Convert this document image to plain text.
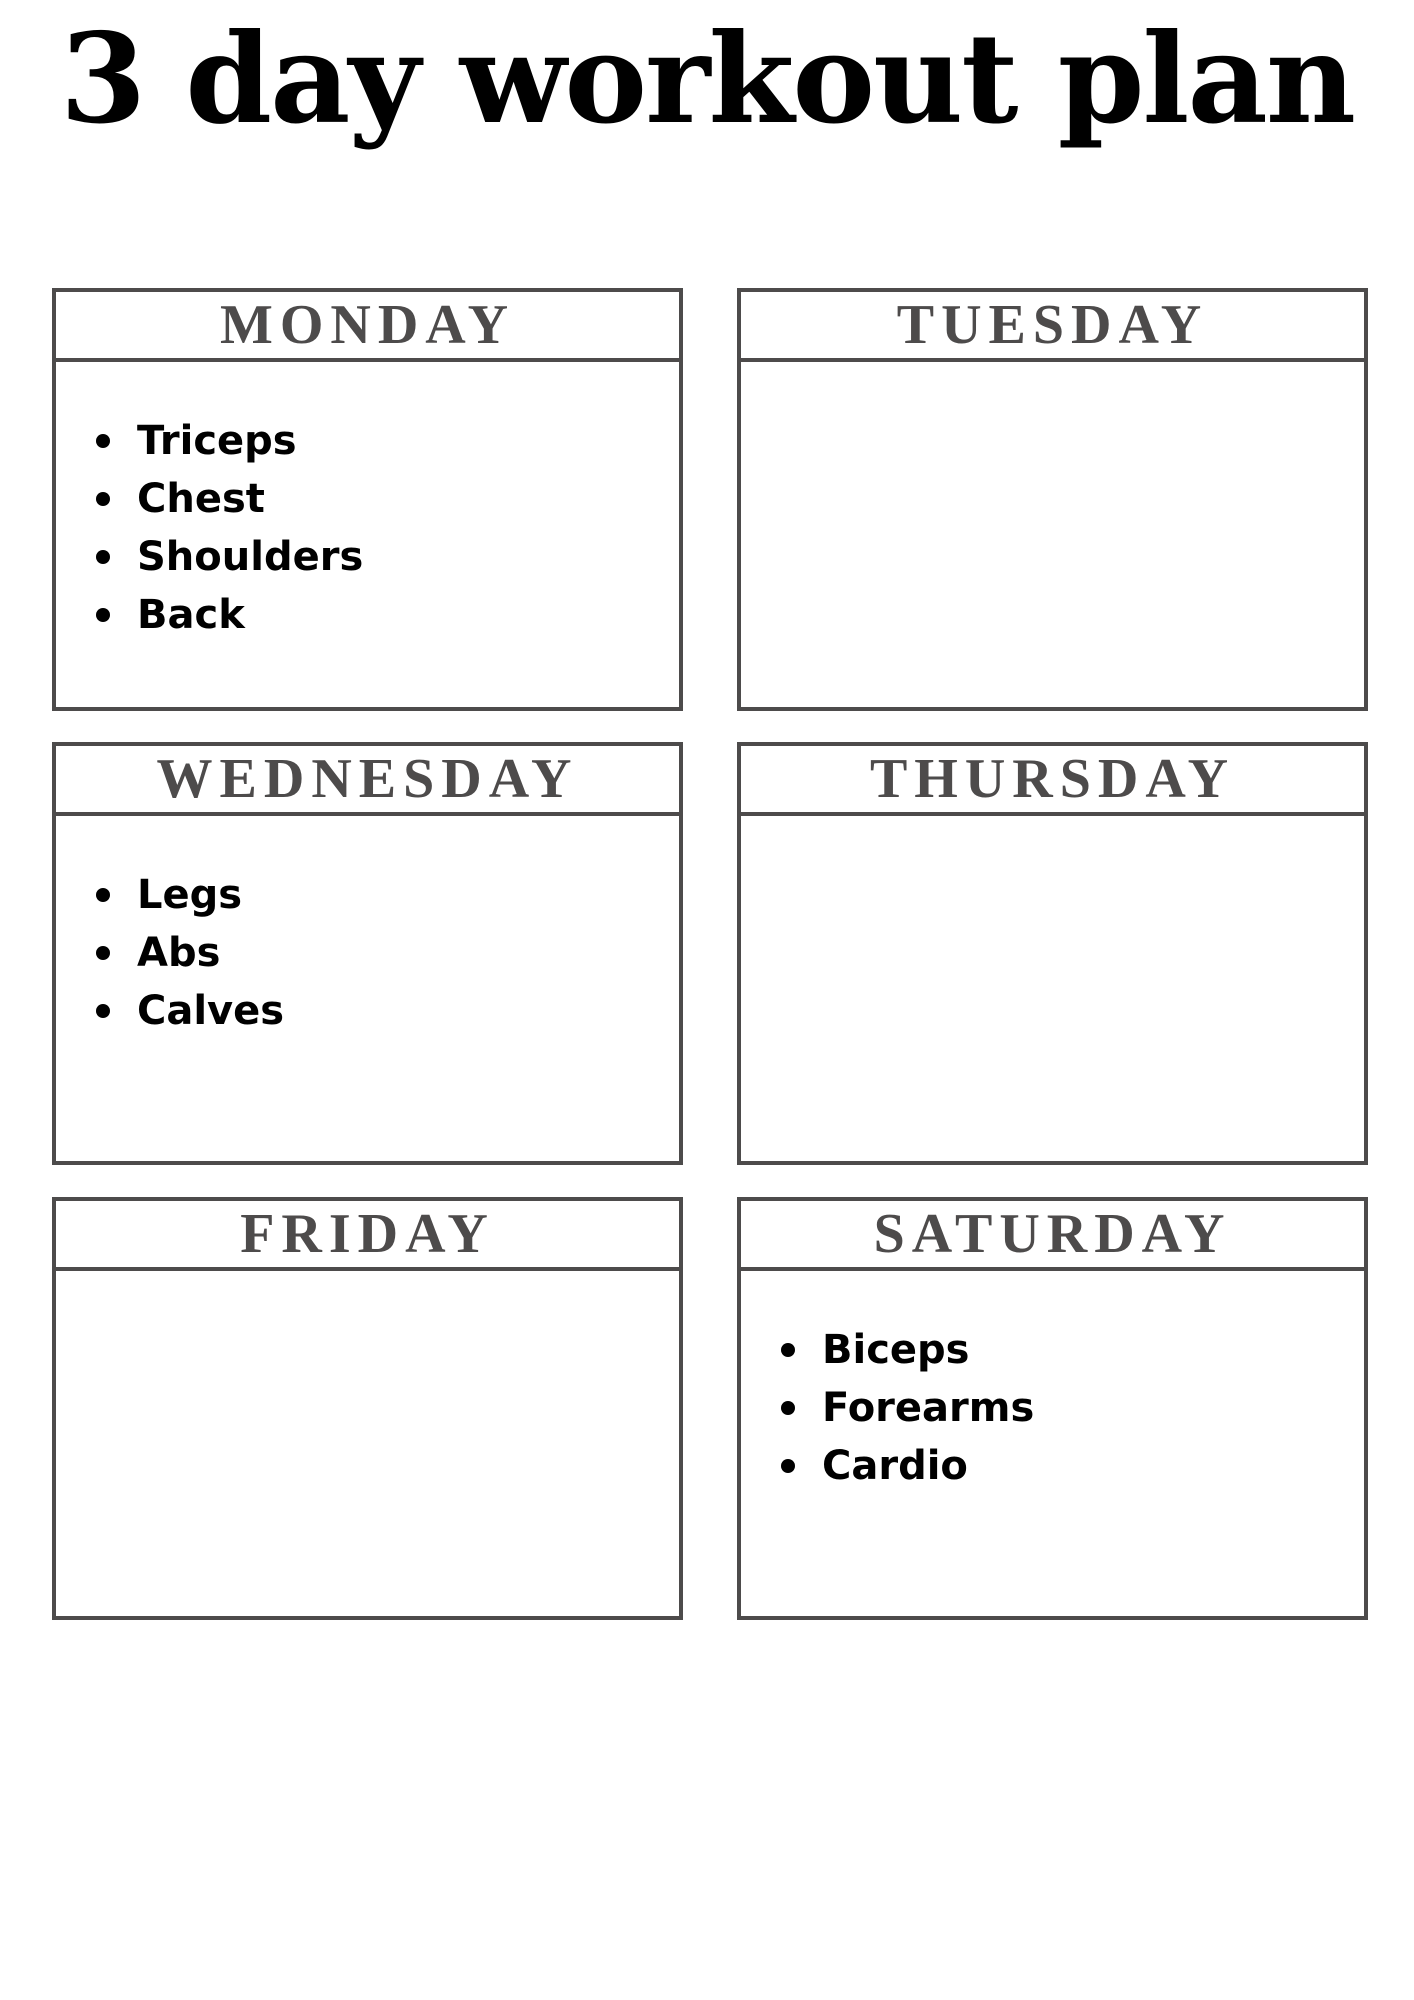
3 day workout plan
MONDAY
Triceps
Chest
Shoulders
Back
TUESDAY
WEDNESDAY
Legs
Abs
Calves
THURSDAY
FRIDAY	SATURDAY
Biceps
Forearms
Cardio
